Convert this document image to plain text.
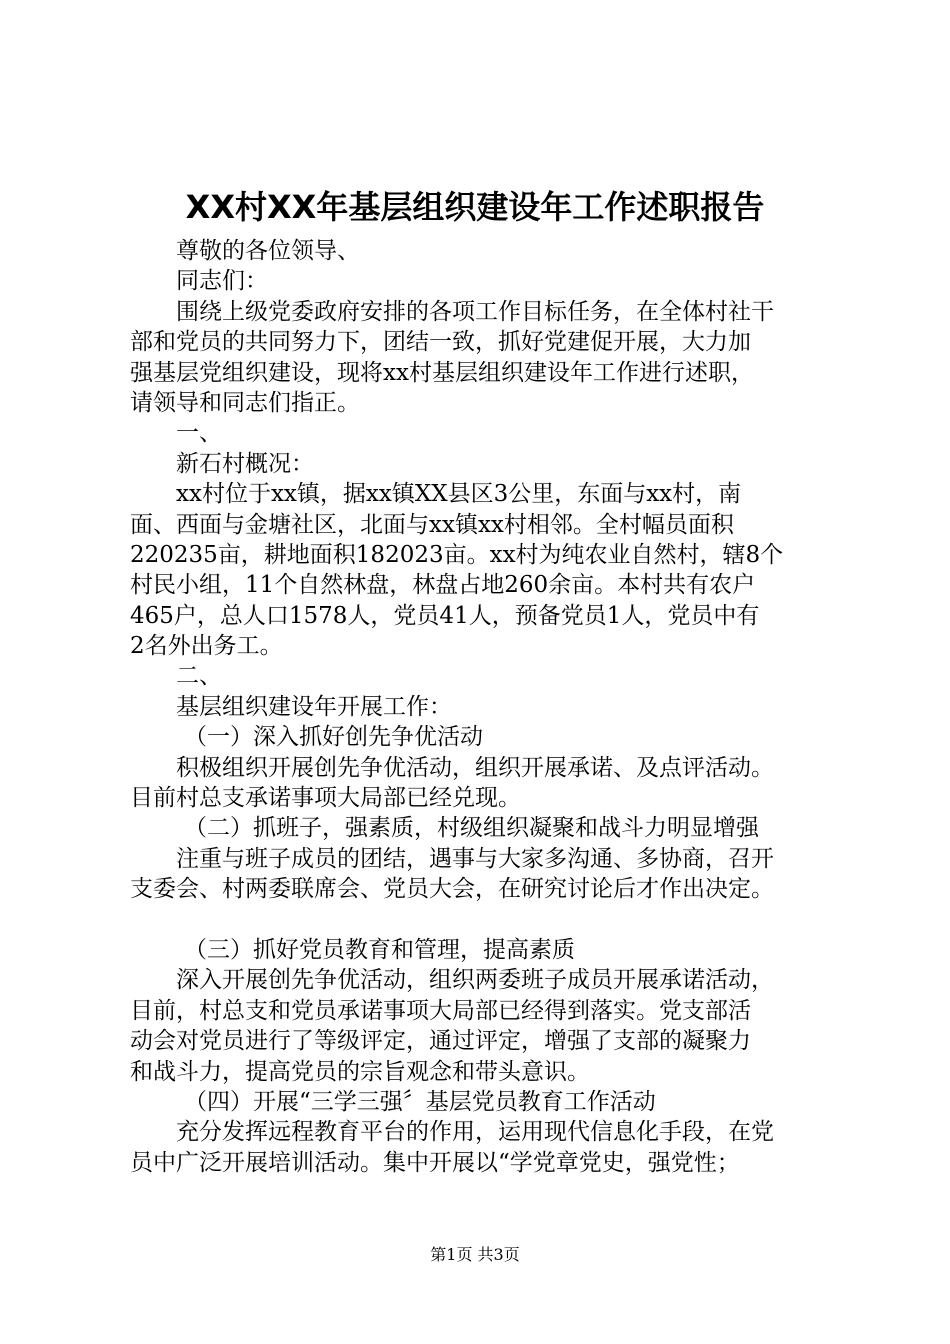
XX村XX年基层组织建设年工作述职报告

尊敬的各位领导、

同志们：

围绕上级党委政府安排的各项工作目标任务，在全体村社干

部和党员的共同努力下，团结一致，抓好党建促开展，大力加

强基层党组织建设，现将xx村基层组织建设年工作进行述职，

请领导和同志们指正。

一、

新石村概况：

xx村位于xx镇，据xx镇XX县区3公里，东面与xx村，南

面、西面与金塘社区，北面与xx镇xx村相邻。全村幅员面积

220235亩，耕地面积182023亩。xx村为纯农业自然村，辖8个

村民小组，11个自然林盘，林盘占地260余亩。本村共有农户

465户，总人口1578人，党员41人，预备党员1人，党员中有

2名外出务工。

二、

基层组织建设年开展工作：

（一）深入抓好创先争优活动

积极组织开展创先争优活动，组织开展承诺、及点评活动。

目前村总支承诺事项大局部已经兑现。

（二）抓班子，强素质，村级组织凝聚和战斗力明显增强

注重与班子成员的团结，遇事与大家多沟通、多协商，召开

支委会、村两委联席会、党员大会，在研究讨论后才作出决定。

（三）抓好党员教育和管理，提高素质

深入开展创先争优活动，组织两委班子成员开展承诺活动，

目前，村总支和党员承诺事项大局部已经得到落实。党支部活

动会对党员进行了等级评定，通过评定，增强了支部的凝聚力

和战斗力，提高党员的宗旨观念和带头意识。

（四）开展“三学三强〞基层党员教育工作活动

充分发挥远程教育平台的作用，运用现代信息化手段，在党

员中广泛开展培训活动。集中开展以“学党章党史，强党性；

第1页 共3页
